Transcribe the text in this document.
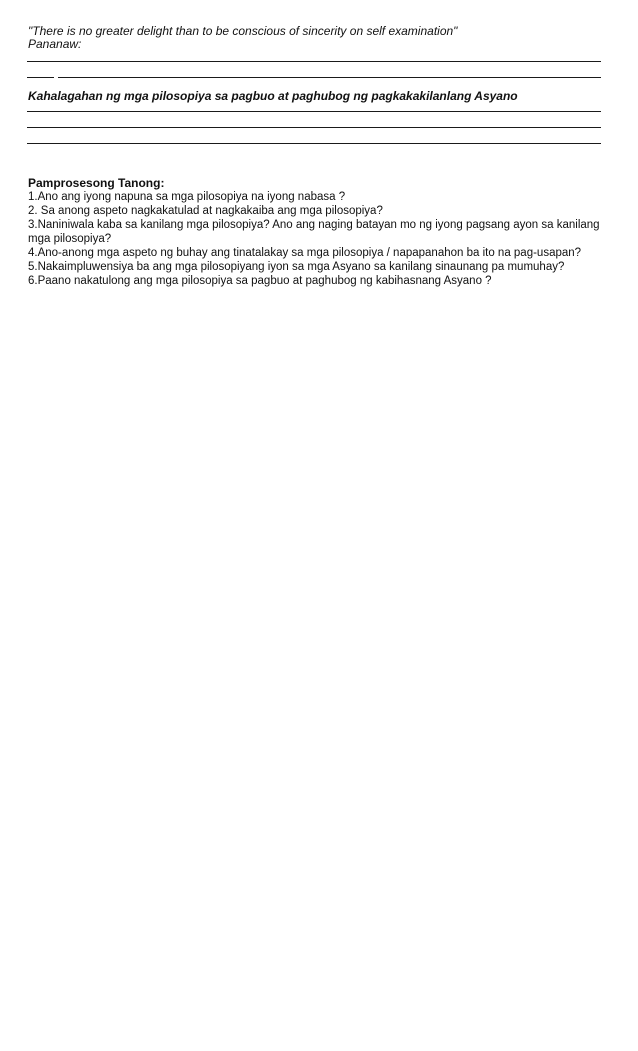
"There is no greater delight than to be conscious of sincerity on self examination"
Pananaw:
Kahalagahan ng mga pilosopiya sa pagbuo at paghubog ng pagkakakilanlang Asyano
Pamprosesong Tanong:

1.Ano ang iyong napuna sa mga pilosopiya na iyong nabasa ?

2. Sa anong aspeto nagkakatulad at nagkakaiba ang mga pilosopiya?

3.Naniniwala kaba sa kanilang mga pilosopiya? Ano ang naging batayan mo ng iyong pagsang ayon sa kanilang mga pilosopiya?

4.Ano-anong mga aspeto ng buhay ang tinatalakay sa mga pilosopiya / napapanahon ba ito na pag-usapan?

5.Nakaimpluwensiya ba ang mga pilosopiyang iyon sa mga Asyano sa kanilang sinaunang pa mumuhay?

6.Paano nakatulong ang mga pilosopiya sa pagbuo at paghubog ng kabihasnang Asyano ?
